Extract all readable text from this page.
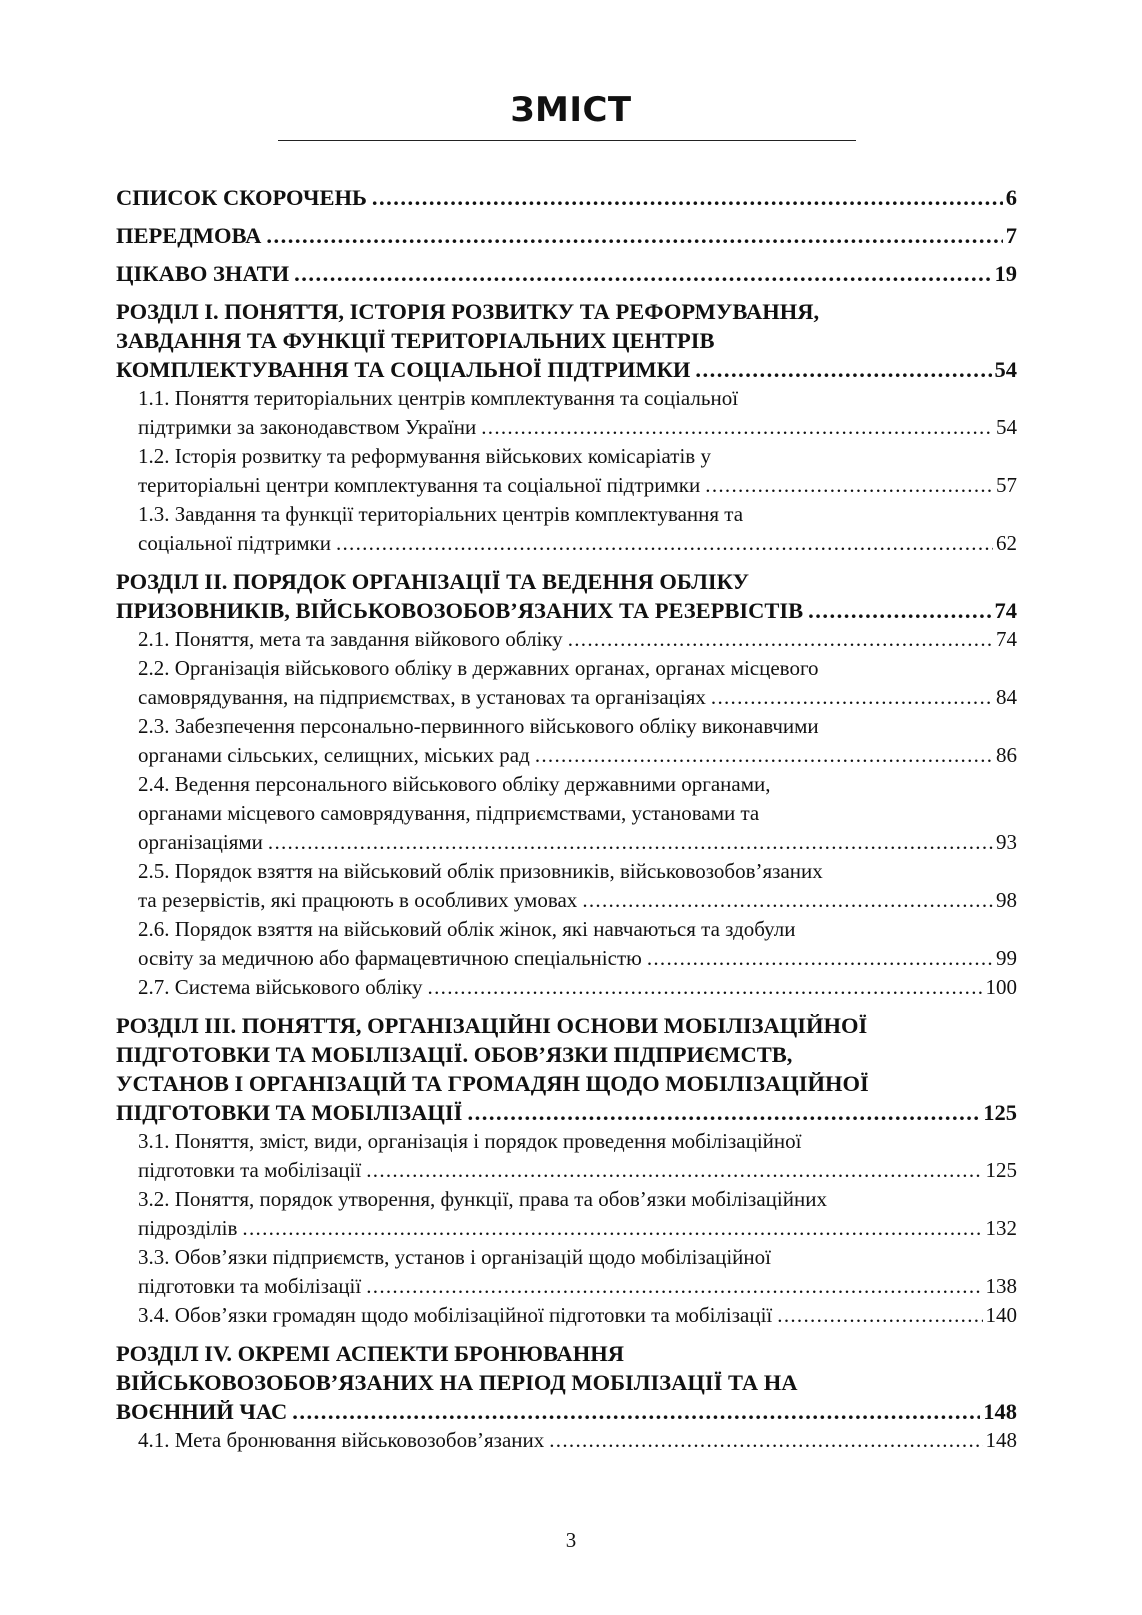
ЗМІСТ
СПИСОК СКОРОЧЕНЬ .....	6
ПЕРЕДМОВА .....	7
ЦІКАВО ЗНАТИ .....	19
РОЗДІЛ І. ПОНЯТТЯ, ІСТОРІЯ РОЗВИТКУ ТА РЕФОРМУВАННЯ,
ЗАВДАННЯ ТА ФУНКЦІЇ ТЕРИТОРІАЛЬНИХ ЦЕНТРІВ
КОМПЛЕКТУВАННЯ ТА СОЦІАЛЬНОЇ ПІДТРИМКИ .....	54
1.1. Поняття територіальних центрів комплектування та соціальної
підтримки за законодавством України .....	54
1.2. Історія розвитку та реформування військових комісаріатів у
територіальні центри комплектування та соціальної підтримки .....	57
1.3. Завдання та функції територіальних центрів комплектування та
соціальної підтримки .....	62
РОЗДІЛ ІІ. ПОРЯДОК ОРГАНІЗАЦІЇ ТА ВЕДЕННЯ ОБЛІКУ
ПРИЗОВНИКІВ, ВІЙСЬКОВОЗОБОВ’ЯЗАНИХ ТА РЕЗЕРВІСТІВ .....	74
2.1. Поняття, мета та завдання війкового обліку .....	74
2.2. Організація військового обліку в державних органах, органах місцевого
самоврядування, на підприємствах, в установах та організаціях .....	84
2.3. Забезпечення персонально-первинного військового обліку виконавчими
органами сільських, селищних, міських рад .....	86
2.4. Ведення персонального військового обліку державними органами,
органами місцевого самоврядування, підприємствами, установами та
організаціями .....	93
2.5. Порядок взяття на військовий облік призовників, військовозобов’язаних
та резервістів, які працюють в особливих умовах .....	98
2.6. Порядок взяття на військовий облік жінок, які навчаються та здобули
освіту за медичною або фармацевтичною спеціальністю .....	99
2.7. Система військового обліку .....	100
РОЗДІЛ ІІІ. ПОНЯТТЯ, ОРГАНІЗАЦІЙНІ ОСНОВИ МОБІЛІЗАЦІЙНОЇ
ПІДГОТОВКИ ТА МОБІЛІЗАЦІЇ. ОБОВ’ЯЗКИ ПІДПРИЄМСТВ,
УСТАНОВ І ОРГАНІЗАЦІЙ ТА ГРОМАДЯН ЩОДО МОБІЛІЗАЦІЙНОЇ
ПІДГОТОВКИ ТА МОБІЛІЗАЦІЇ .....	125
3.1. Поняття, зміст, види, організація і порядок проведення мобілізаційної
підготовки та мобілізації .....	125
3.2. Поняття, порядок утворення, функції, права та обов’язки мобілізаційних
підрозділів .....	132
3.3. Обов’язки підприємств, установ і організацій щодо мобілізаційної
підготовки та мобілізації .....	138
3.4. Обов’язки громадян щодо мобілізаційної підготовки та мобілізації .....	140
РОЗДІЛ IV. ОКРЕМІ АСПЕКТИ БРОНЮВАННЯ
ВІЙСЬКОВОЗОБОВ’ЯЗАНИХ НА ПЕРІОД МОБІЛІЗАЦІЇ ТА НА
ВОЄННИЙ ЧАС .....	148
4.1. Мета бронювання військовозобов’язаних .....	148
3
